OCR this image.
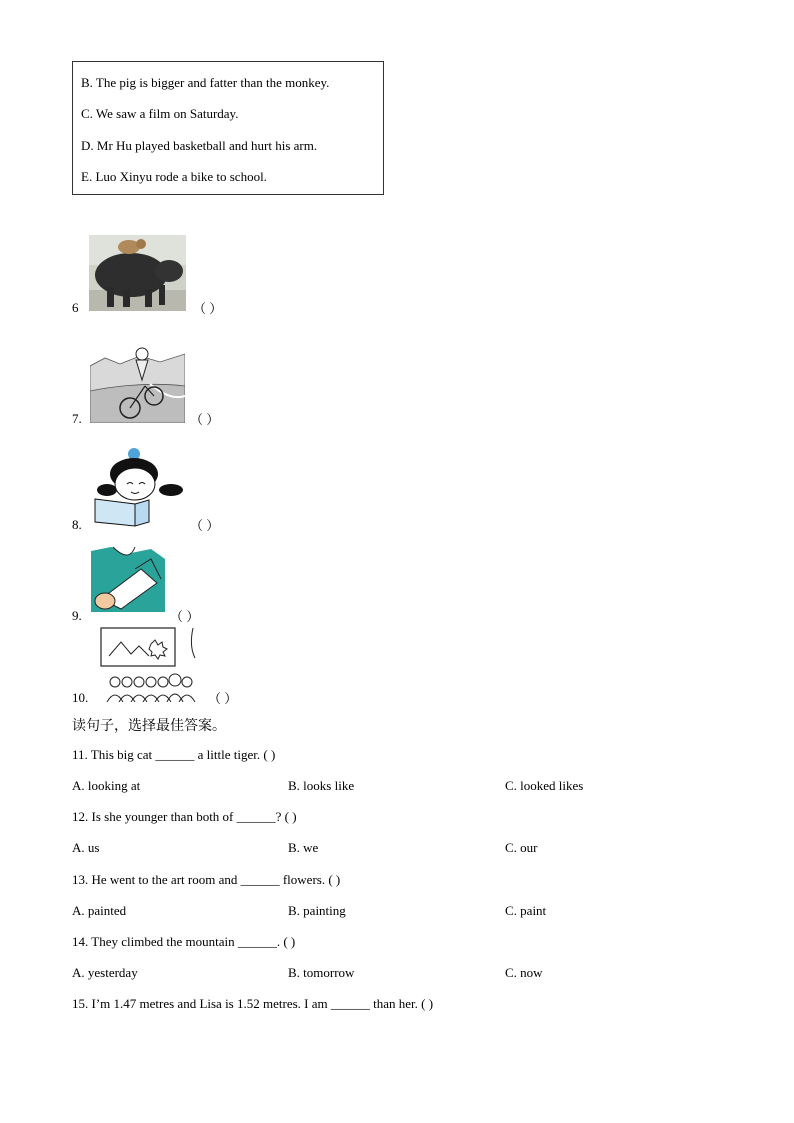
B. The pig is bigger and fatter than the monkey.
C. We saw a film on Saturday.
D. Mr Hu played basketball and hurt his arm.
E. Luo Xinyu rode a bike to school.
6	（ ）
7.	（ ）
8.	（ ）
9.	（ ）
10.	（ ）
读句子，选择最佳答案。
11. This big cat ______ a little tiger. ( )
A. looking at	B. looks like	C. looked likes
12. Is she younger than both of ______? ( )
A. us	B. we	C. our
13. He went to the art room and ______ flowers. ( )
A. painted	B. painting	C. paint
14. They climbed the mountain ______. ( )
A. yesterday	B. tomorrow	C. now
15. I’m 1.47 metres and Lisa is 1.52 metres. I am ______ than her. ( )
